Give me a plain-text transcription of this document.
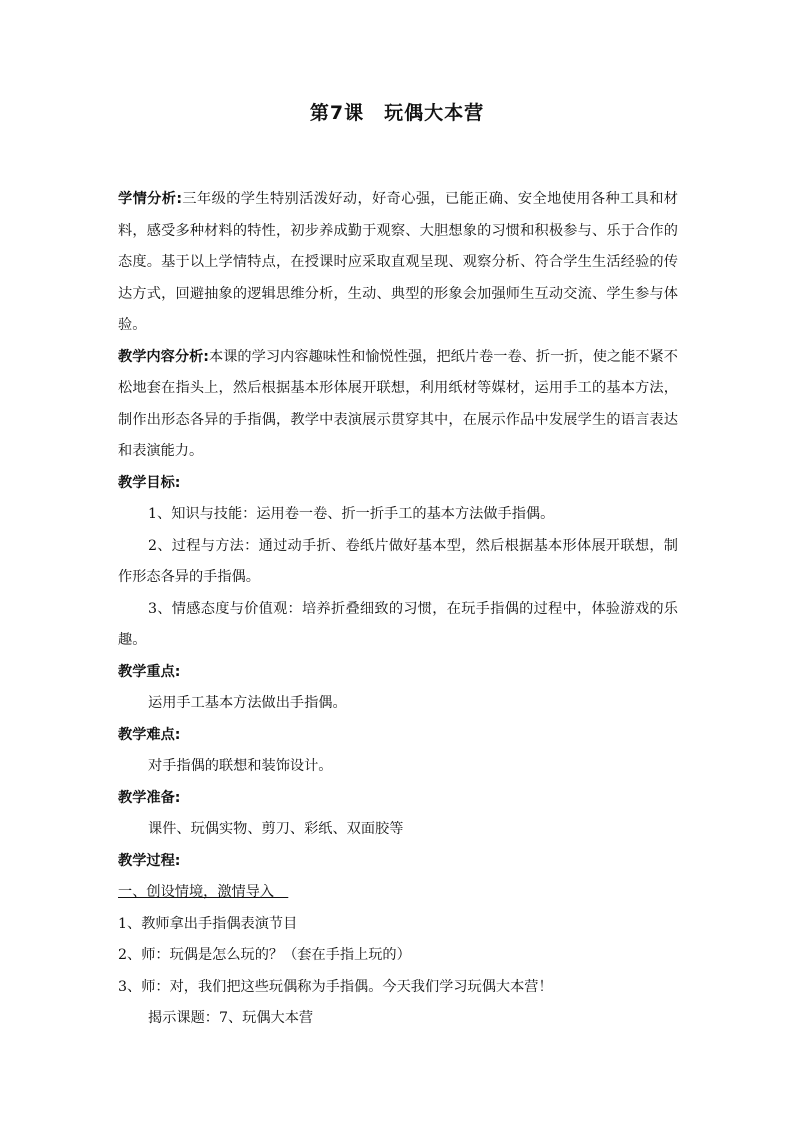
第7课　玩偶大本营

学情分析:三年级的学生特别活泼好动，好奇心强，已能正确、安全地使用各种工具和材料，感受多种材料的特性，初步养成勤于观察、大胆想象的习惯和积极参与、乐于合作的态度。基于以上学情特点，在授课时应采取直观呈现、观察分析、符合学生生活经验的传达方式，回避抽象的逻辑思维分析，生动、典型的形象会加强师生互动交流、学生参与体验。

教学内容分析:本课的学习内容趣味性和愉悦性强，把纸片卷一卷、折一折，使之能不紧不松地套在指头上，然后根据基本形体展开联想，利用纸材等媒材，运用手工的基本方法，制作出形态各异的手指偶，教学中表演展示贯穿其中，在展示作品中发展学生的语言表达和表演能力。

教学目标:

1、知识与技能：运用卷一卷、折一折手工的基本方法做手指偶。

2、过程与方法：通过动手折、卷纸片做好基本型，然后根据基本形体展开联想，制作形态各异的手指偶。

3、情感态度与价值观：培养折叠细致的习惯，在玩手指偶的过程中，体验游戏的乐趣。

教学重点:

运用手工基本方法做出手指偶。

教学难点:

对手指偶的联想和装饰设计。

教学准备:

课件、玩偶实物、剪刀、彩纸、双面胶等

教学过程:

一、创设情境，激情导入　

1、教师拿出手指偶表演节目

2、师：玩偶是怎么玩的？（套在手指上玩的）

3、师：对，我们把这些玩偶称为手指偶。今天我们学习玩偶大本营！

揭示课题：7、玩偶大本营
